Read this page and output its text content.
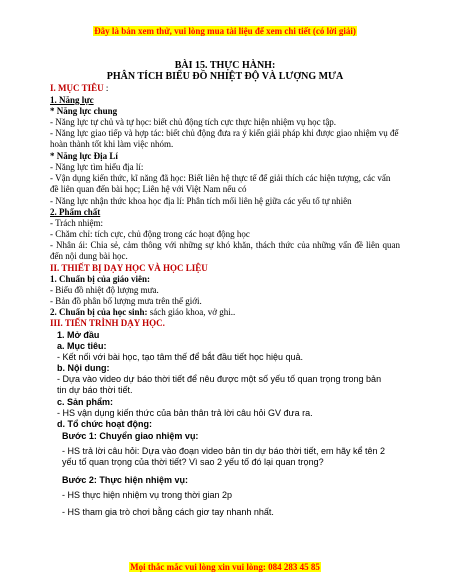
Đây là bản xem thử, vui lòng mua tài liệu để xem chi tiết (có lời giải)
BÀI 15. THỰC HÀNH:
PHÂN TÍCH BIỂU ĐỒ NHIỆT ĐỘ VÀ LƯỢNG MƯA
I. MỤC TIÊU :
1. Năng lực
* Năng lực chung
- Năng lực tự chủ và tự học: biết chủ động tích cực thực hiện nhiệm vụ học tập.
- Năng lực giao tiếp và hợp tác: biết chủ động đưa ra ý kiến giải pháp khi được giao nhiệm vụ để hoàn thành tốt khi làm việc nhóm.
* Năng lực Địa Lí
- Năng lực tìm hiểu địa lí:
- Vận dụng kiến thức, kĩ năng đã học: Biết liên hệ thực tế để giải thích các hiện tượng, các vấn đề liên quan đến bài học; Liên hệ với Việt Nam nếu có
- Năng lực nhận thức khoa học địa lí: Phân tích mối liên hệ giữa các yếu tố tự nhiên
2. Phẩm chất
- Trách nhiệm:
- Chăm chỉ: tích cực, chủ động trong các hoạt động học
- Nhân ái: Chia sẻ, cảm thông với những sự khó khăn, thách thức của những vấn đề liên quan đến nội dung bài học.
II. THIẾT BỊ DẠY HỌC VÀ HỌC LIỆU
1. Chuẩn bị của giáo viên:
- Biểu đồ nhiệt độ lượng mưa.
- Bản đồ phân bố lượng mưa trên thế giới.
2. Chuẩn bị của học sinh: sách giáo khoa, vở ghi..
III. TIẾN TRÌNH DẠY HỌC.
1. Mở đầu
a. Mục tiêu:
- Kết nối với bài học, tạo tâm thế để bắt đầu tiết học hiệu quả.
b. Nội dung:
- Dựa vào video dự báo thời tiết để nêu được một số yếu tố quan trọng trong bản tin dự báo thời tiết.
c. Sản phẩm:
- HS vận dụng kiến thức của bản thân trả lời câu hỏi GV đưa ra.
d. Tổ chức hoạt động:
Bước 1: Chuyển giao nhiệm vụ:
- HS trả lời câu hỏi: Dựa vào đoạn video bản tin dự báo thời tiết, em hãy kể tên 2 yếu tố quan trọng của thời tiết? Vì sao 2 yếu tố đó lại quan trọng?
Bước 2: Thực hiện nhiệm vụ:
- HS thực hiện nhiệm vụ trong thời gian 2p
- HS tham gia trò chơi bằng cách giơ tay nhanh nhất.
Mọi thắc mắc vui lòng xin vui lòng: 084 283 45 85
